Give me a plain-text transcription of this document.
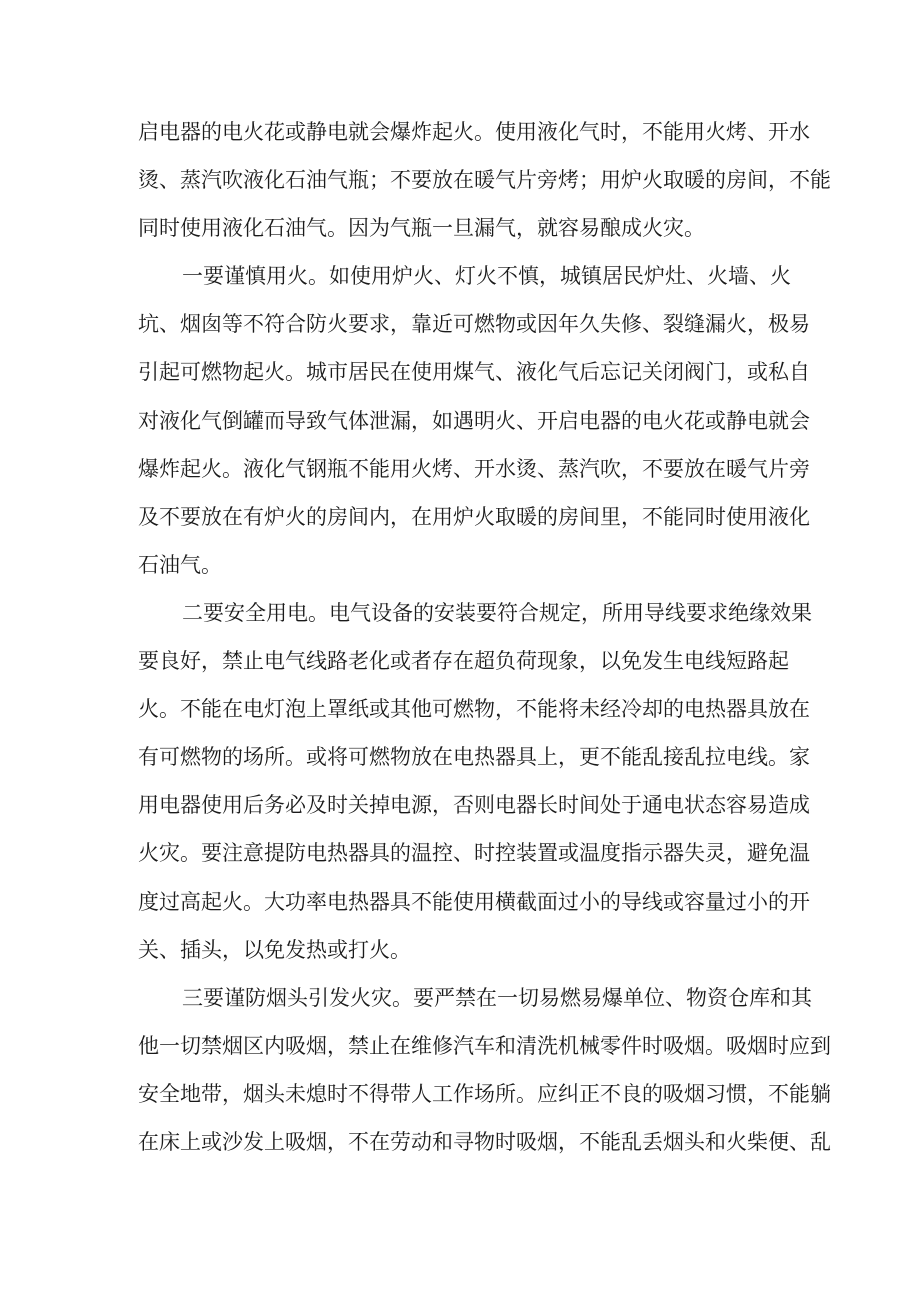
启电器的电火花或静电就会爆炸起火。使用液化气时，不能用火烤、开水
烫、蒸汽吹液化石油气瓶；不要放在暖气片旁烤；用炉火取暖的房间，不能
同时使用液化石油气。因为气瓶一旦漏气，就容易酿成火灾。
一要谨慎用火。如使用炉火、灯火不慎，城镇居民炉灶、火墙、火
坑、烟囱等不符合防火要求，靠近可燃物或因年久失修、裂缝漏火，极易
引起可燃物起火。城市居民在使用煤气、液化气后忘记关闭阀门，或私自
对液化气倒罐而导致气体泄漏，如遇明火、开启电器的电火花或静电就会
爆炸起火。液化气钢瓶不能用火烤、开水烫、蒸汽吹，不要放在暖气片旁
及不要放在有炉火的房间内，在用炉火取暖的房间里，不能同时使用液化
石油气。
二要安全用电。电气设备的安装要符合规定，所用导线要求绝缘效果
要良好，禁止电气线路老化或者存在超负荷现象，以免发生电线短路起
火。不能在电灯泡上罩纸或其他可燃物，不能将未经冷却的电热器具放在
有可燃物的场所。或将可燃物放在电热器具上，更不能乱接乱拉电线。家
用电器使用后务必及时关掉电源，否则电器长时间处于通电状态容易造成
火灾。要注意提防电热器具的温控、时控装置或温度指示器失灵，避免温
度过高起火。大功率电热器具不能使用横截面过小的导线或容量过小的开
关、插头，以免发热或打火。
三要谨防烟头引发火灾。要严禁在一切易燃易爆单位、物资仓库和其
他一切禁烟区内吸烟，禁止在维修汽车和清洗机械零件时吸烟。吸烟时应到
安全地带，烟头未熄时不得带人工作场所。应纠正不良的吸烟习惯，不能躺
在床上或沙发上吸烟，不在劳动和寻物时吸烟，不能乱丢烟头和火柴便、乱
